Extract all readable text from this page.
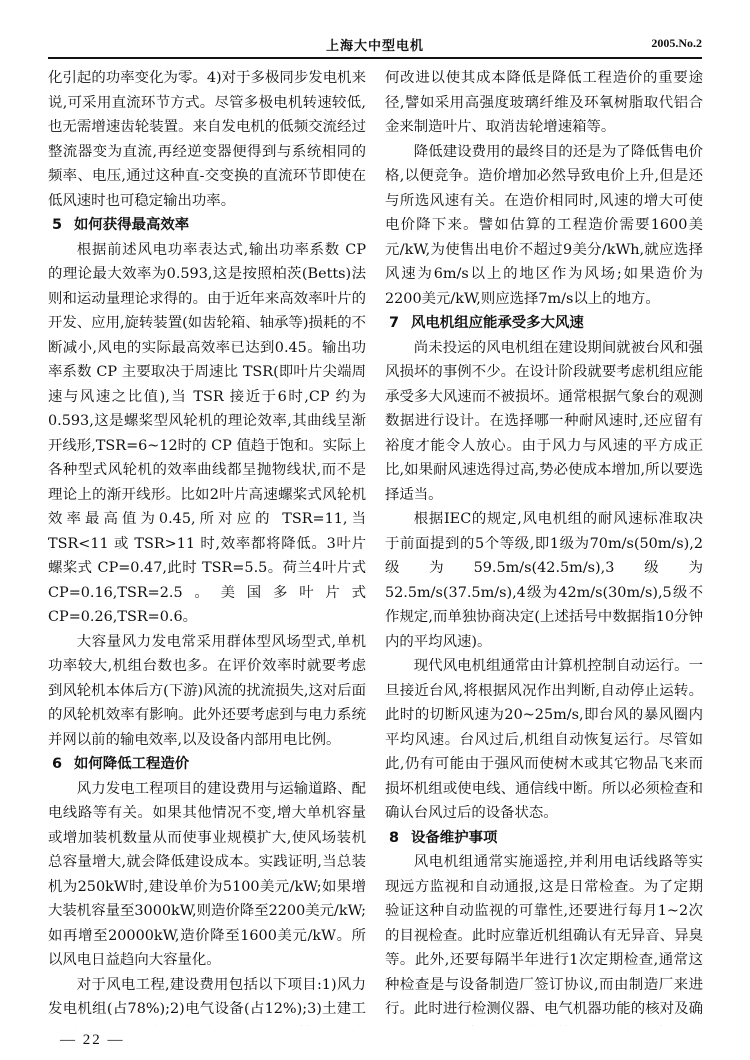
上海大中型电机	2005.No.2

化引起的功率变化为零。4)对于多极同步发电机来说,可采用直流环节方式。尽管多极电机转速较低,也无需增速齿轮装置。来自发电机的低频交流经过整流器变为直流,再经逆变器便得到与系统相同的频率、电压,通过这种直-交变换的直流环节即使在低风速时也可稳定输出功率。

5 如何获得最高效率

根据前述风电功率表达式,输出功率系数 CP 的理论最大效率为0.593,这是按照柏茨(Betts)法则和运动量理论求得的。由于近年来高效率叶片的开发、应用,旋转装置(如齿轮箱、轴承等)损耗的不断减小,风电的实际最高效率已达到0.45。输出功率系数 CP 主要取决于周速比 TSR(即叶片尖端周速与风速之比值),当 TSR 接近于6时,CP 约为0.593,这是螺桨型风轮机的理论效率,其曲线呈渐开线形,TSR=6~12时的 CP 值趋于饱和。实际上各种型式风轮机的效率曲线都呈抛物线状,而不是理论上的渐开线形。比如2叶片高速螺桨式风轮机效率最高值为0.45,所对应的 TSR=11,当 TSR<11 或 TSR>11 时,效率都将降低。3叶片螺桨式 CP=0.47,此时 TSR=5.5。荷兰4叶片式 CP=0.16,TSR=2.5。美国多叶片式 CP=0.26,TSR=0.6。

大容量风力发电常采用群体型风场型式,单机功率较大,机组台数也多。在评价效率时就要考虑到风轮机本体后方(下游)风流的扰流损失,这对后面的风轮机效率有影响。此外还要考虑到与电力系统并网以前的输电效率,以及设备内部用电比例。

6 如何降低工程造价

风力发电工程项目的建设费用与运输道路、配电线路等有关。如果其他情况不变,增大单机容量或增加装机数量从而使事业规模扩大,使风场装机总容量增大,就会降低建设成本。实践证明,当总装机为250kW时,建设单价为5100美元/kW;如果增大装机容量至3000kW,则造价降至2200美元/kW;如再增至20000kW,造价降至1600美元/kW。所以风电日益趋向大容量化。

对于风电工程,建设费用包括以下项目:1)风力发电机组(占78%);2)电气设备(占12%);3)土建工

何改进以使其成本降低是降低工程造价的重要途径,譬如采用高强度玻璃纤维及环氧树脂取代铝合金来制造叶片、取消齿轮增速箱等。

降低建设费用的最终目的还是为了降低售电价格,以便竞争。造价增加必然导致电价上升,但是还与所选风速有关。在造价相同时,风速的增大可使电价降下来。譬如估算的工程造价需要1600美元/kW,为使售出电价不超过9美分/kWh,就应选择风速为6m/s以上的地区作为风场;如果造价为2200美元/kW,则应选择7m/s以上的地方。

7 风电机组应能承受多大风速

尚未投运的风电机组在建设期间就被台风和强风损坏的事例不少。在设计阶段就要考虑机组应能承受多大风速而不被损坏。通常根据气象台的观测数据进行设计。在选择哪一种耐风速时,还应留有裕度才能令人放心。由于风力与风速的平方成正比,如果耐风速选得过高,势必使成本增加,所以要选择适当。

根据IEC的规定,风电机组的耐风速标准取决于前面提到的5个等级,即1级为70m/s(50m/s),2级为59.5m/s(42.5m/s),3级为52.5m/s(37.5m/s),4级为42m/s(30m/s),5级不作规定,而单独协商决定(上述括号中数据指10分钟内的平均风速)。

现代风电机组通常由计算机控制自动运行。一旦接近台风,将根据风况作出判断,自动停止运转。此时的切断风速为20~25m/s,即台风的暴风圈内平均风速。台风过后,机组自动恢复运行。尽管如此,仍有可能由于强风而使树木或其它物品飞来而损坏机组或使电线、通信线中断。所以必须检查和确认台风过后的设备状态。

8 设备维护事项

风电机组通常实施遥控,并利用电话线路等实现远方监视和自动通报,这是日常检查。为了定期验证这种自动监视的可靠性,还要进行每月1~2次的目视检查。此时应靠近机组确认有无异音、异臭等。此外,还要每隔半年进行1次定期检查,通常这种检查是与设备制造厂签订协议,而由制造厂来进行。此时进行检测仪器、电气机器功能的核对及确

— 22 —
